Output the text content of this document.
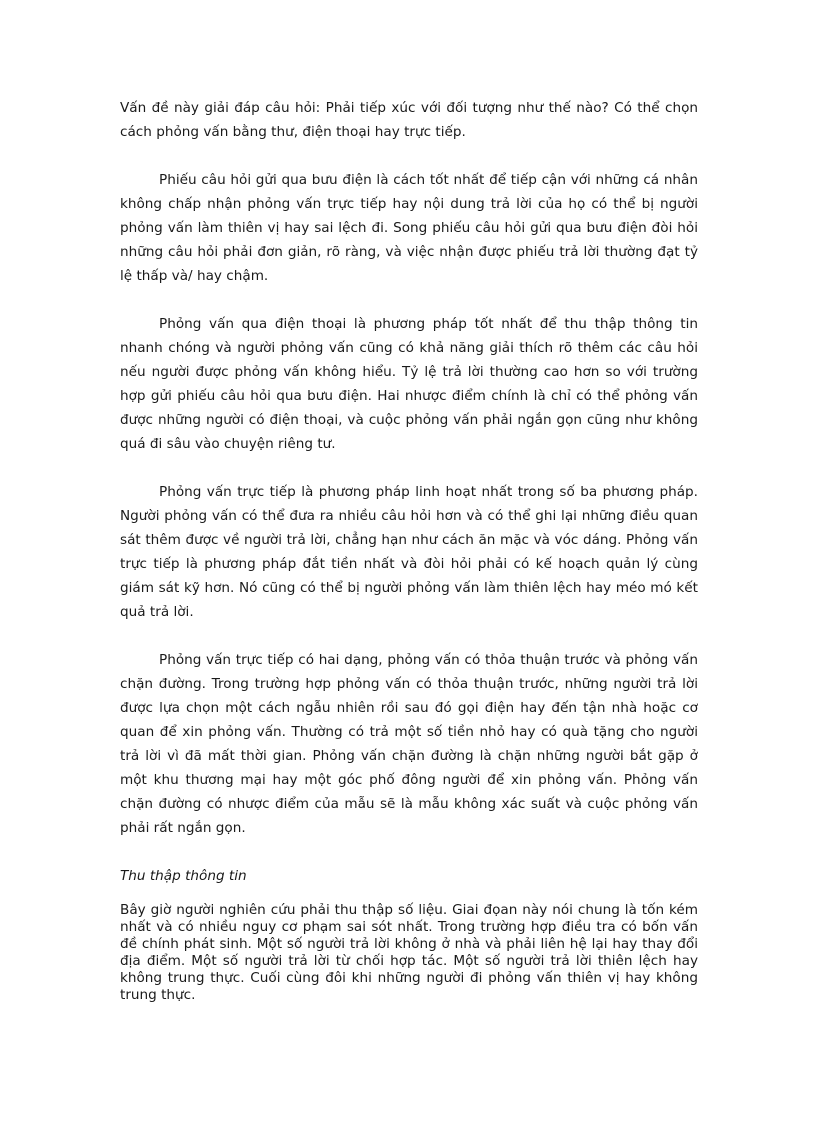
Vấn đề này giải đáp câu hỏi: Phải tiếp xúc với đối tượng như thế nào? Có thể chọn cách phỏng vấn bằng thư, điện thoại hay trực tiếp.

Phiếu câu hỏi gửi qua bưu điện là cách tốt nhất để tiếp cận với những cá nhân không chấp nhận phỏng vấn trực tiếp hay nội dung trả lời của họ có thể bị người phỏng vấn làm thiên vị hay sai lệch đi. Song phiếu câu hỏi gửi qua bưu điện đòi hỏi những câu hỏi phải đơn giản, rõ ràng, và việc nhận được phiếu trả lời thường đạt tỷ lệ thấp và/ hay chậm.

Phỏng vấn qua điện thoại là phương pháp tốt nhất để thu thập thông tin nhanh chóng và người phỏng vấn cũng có khả năng giải thích rõ thêm các câu hỏi nếu người được phỏng vấn không hiểu. Tỷ lệ trả lời thường cao hơn so với trường hợp gửi phiếu câu hỏi qua bưu điện. Hai nhược điểm chính là chỉ có thể phỏng vấn được những người có điện thoại, và cuộc phỏng vấn phải ngắn gọn cũng như không quá đi sâu vào chuyện riêng tư.

Phỏng vấn trực tiếp là phương pháp linh hoạt nhất trong số ba phương pháp. Người phỏng vấn có thể đưa ra nhiều câu hỏi hơn và có thể ghi lại những điều quan sát thêm được về người trả lời, chẳng hạn như cách ăn mặc và vóc dáng. Phỏng vấn trực tiếp là phương pháp đắt tiền nhất và đòi hỏi phải có kế hoạch quản lý cùng giám sát kỹ hơn. Nó cũng có thể bị người phỏng vấn làm thiên lệch hay méo mó kết quả trả lời.

Phỏng vấn trực tiếp có hai dạng, phỏng vấn có thỏa thuận trước và phỏng vấn chặn đường. Trong trường hợp phỏng vấn có thỏa thuận trước, những người trả lời được lựa chọn một cách ngẫu nhiên rồi sau đó gọi điện hay đến tận nhà hoặc cơ quan để xin phỏng vấn. Thường có trả một số tiền nhỏ hay có quà tặng cho người trả lời vì đã mất thời gian. Phỏng vấn chặn đường là chặn những người bắt gặp ở một khu thương mại hay một góc phố đông người để xin phỏng vấn. Phỏng vấn chặn đường có nhược điểm của mẫu sẽ là mẫu không xác suất và cuộc phỏng vấn phải rất ngắn gọn.

Thu thập thông tin

Bây giờ người nghiên cứu phải thu thập số liệu. Giai đọan này nói chung là tốn kém nhất và có nhiều nguy cơ phạm sai sót nhất. Trong trường hợp điều tra có bốn vấn đề chính phát sinh. Một số người trả lời không ở nhà và phải liên hệ lại hay thay đổi địa điểm. Một số người trả lời từ chối hợp tác. Một số người trả lời thiên lệch hay không trung thực. Cuối cùng đôi khi những người đi phỏng vấn thiên vị hay không trung thực.
